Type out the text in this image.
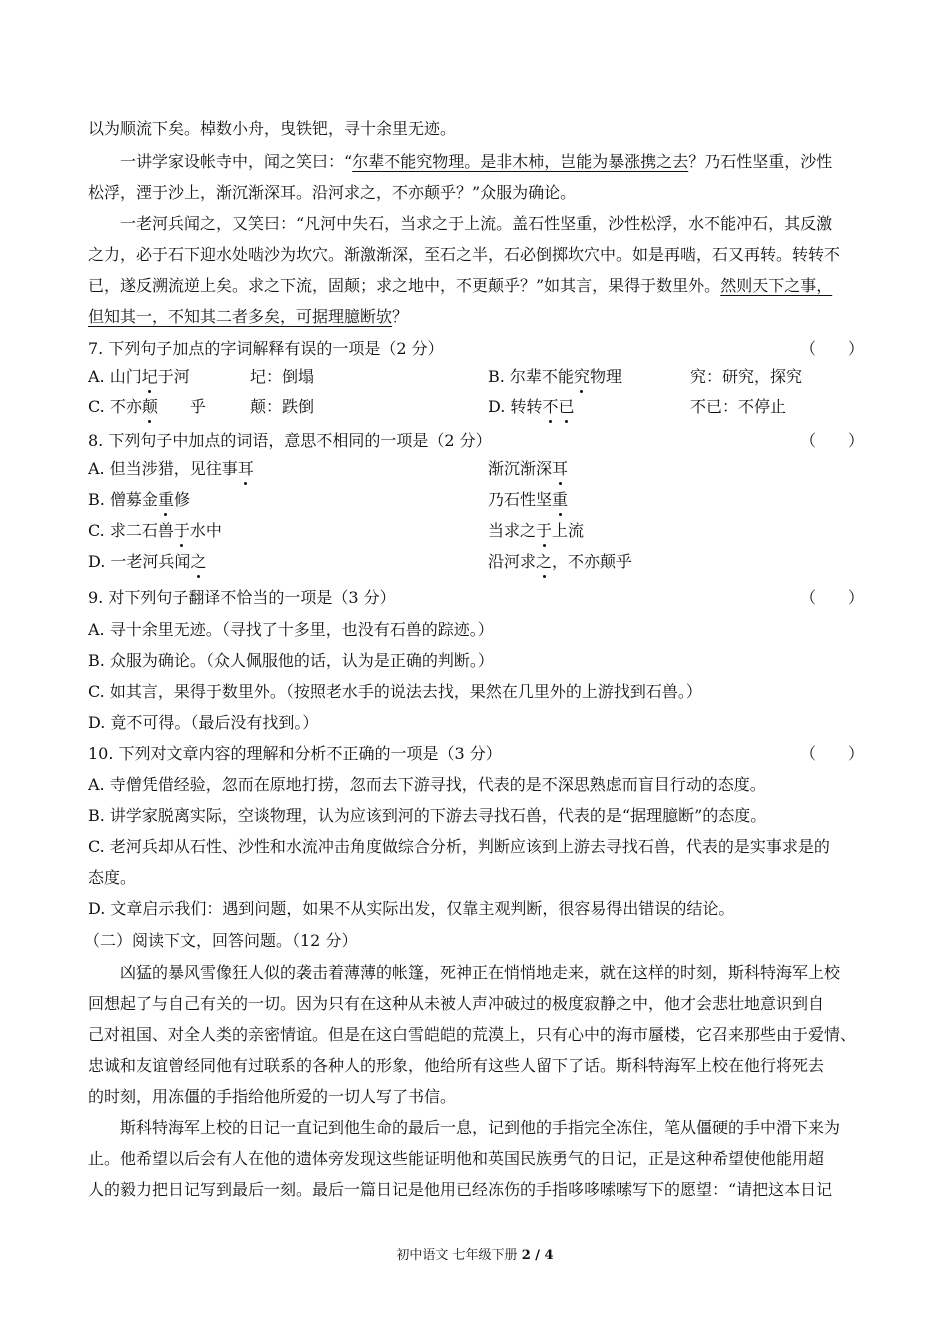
以为顺流下矣。棹数小舟，曳铁钯，寻十余里无迹。
一讲学家设帐寺中，闻之笑曰：“尔辈不能究物理。是非木柿，岂能为暴涨携之去？乃石性坚重，沙性
松浮，湮于沙上，渐沉渐深耳。沿河求之，不亦颠乎？”众服为确论。
一老河兵闻之，又笑曰：“凡河中失石，当求之于上流。盖石性坚重，沙性松浮，水不能冲石，其反激
之力，必于石下迎水处啮沙为坎穴。渐激渐深，至石之半，石必倒掷坎穴中。如是再啮，石又再转。转转不
已，遂反溯流逆上矣。求之下流，固颠；求之地中，不更颠乎？”如其言，果得于数里外。然则天下之事，
但知其一，不知其二者多矣，可据理臆断欤？
7. 下列句子加点的字词解释有误的一项是（2 分）	（　　）
A. 山门圮于河	圮：倒塌	B. 尔辈不能究物理	究：研究，探究
C. 不亦颠　　乎	颠：跌倒	D. 转转不已	不已：不停止
8. 下列句子中加点的词语，意思不相同的一项是（2 分）	（　　）
A. 但当涉猎，见往事耳	渐沉渐深耳
B. 僧募金重修	乃石性坚重
C. 求二石兽于水中	当求之于上流
D. 一老河兵闻之	沿河求之，不亦颠乎
9. 对下列句子翻译不恰当的一项是（3 分）	（　　）
A. 寻十余里无迹。（寻找了十多里，也没有石兽的踪迹。）
B. 众服为确论。（众人佩服他的话，认为是正确的判断。）
C. 如其言，果得于数里外。（按照老水手的说法去找，果然在几里外的上游找到石兽。）
D. 竟不可得。（最后没有找到。）
10. 下列对文章内容的理解和分析不正确的一项是（3 分）	（　　）
A. 寺僧凭借经验，忽而在原地打捞，忽而去下游寻找，代表的是不深思熟虑而盲目行动的态度。
B. 讲学家脱离实际，空谈物理，认为应该到河的下游去寻找石兽，代表的是“据理臆断”的态度。
C. 老河兵却从石性、沙性和水流冲击角度做综合分析，判断应该到上游去寻找石兽，代表的是实事求是的
态度。
D. 文章启示我们：遇到问题，如果不从实际出发，仅靠主观判断，很容易得出错误的结论。
（二）阅读下文，回答问题。（12 分）
凶猛的暴风雪像狂人似的袭击着薄薄的帐篷，死神正在悄悄地走来，就在这样的时刻，斯科特海军上校
回想起了与自己有关的一切。因为只有在这种从未被人声冲破过的极度寂静之中，他才会悲壮地意识到自
己对祖国、对全人类的亲密情谊。但是在这白雪皑皑的荒漠上，只有心中的海市蜃楼，它召来那些由于爱情、
忠诚和友谊曾经同他有过联系的各种人的形象，他给所有这些人留下了话。斯科特海军上校在他行将死去
的时刻，用冻僵的手指给他所爱的一切人写了书信。
斯科特海军上校的日记一直记到他生命的最后一息，记到他的手指完全冻住，笔从僵硬的手中滑下来为
止。他希望以后会有人在他的遗体旁发现这些能证明他和英国民族勇气的日记，正是这种希望使他能用超
人的毅力把日记写到最后一刻。最后一篇日记是他用已经冻伤的手指哆哆嗦嗦写下的愿望：“请把这本日记
初中语文 七年级下册 2 / 4
